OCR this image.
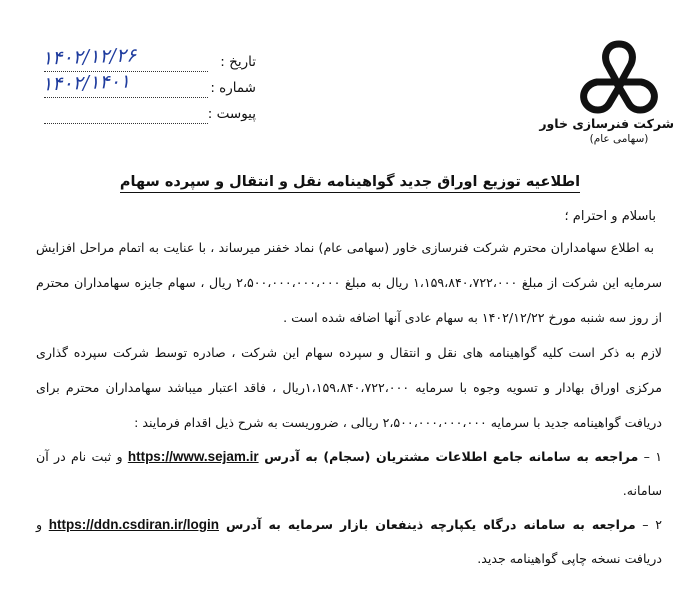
شرکت فنرسازی خاور
(سهامی عام)
تاریخ :
۱۴۰۲/۱۲/۲۶
شماره :
۱۴۰۲/۱۴۰۱
پیوست :
اطلاعیه توزیع اوراق جدید گواهینامه نقل و انتقال و سپرده سهام

باسلام و احترام ؛

به اطلاع سهامداران محترم شرکت فنرسازی خاور (سهامی عام) نماد خفنر میرساند ، با عنایت به اتمام مراحل افزایش سرمایه این شرکت از مبلغ ۱،۱۵۹،۸۴۰،۷۲۲،۰۰۰ ریال به مبلغ ۲،۵۰۰،۰۰۰،۰۰۰،۰۰۰ ریال ، سهام جایزه سهامداران محترم از روز سه شنبه مورخ ۱۴۰۲/۱۲/۲۲ به سهام عادی آنها اضافه شده است .

لازم به ذکر است کلیه گواهینامه های نقل و انتقال و سپرده سهام این شرکت ، صادره توسط شرکت سپرده گذاری مرکزی اوراق بهادار و تسویه وجوه با سرمایه ۱،۱۵۹،۸۴۰،۷۲۲،۰۰۰ریال ، فاقد اعتبار میباشد سهامداران محترم برای دریافت گواهینامه جدید با سرمایه ۲،۵۰۰،۰۰۰،۰۰۰،۰۰۰ ریالی ، ضروریست به شرح ذیل اقدام فرمایند :

۱ – مراجعه به سامانه جامع اطلاعات مشتریان (سجام) به آدرس https://www.sejam.ir و ثبت نام در آن سامانه.

۲ – مراجعه به سامانه درگاه یکپارچه ذینفعان بازار سرمایه به آدرس https://ddn.csdiran.ir/login و دریافت نسخه چاپی گواهینامه جدید.
